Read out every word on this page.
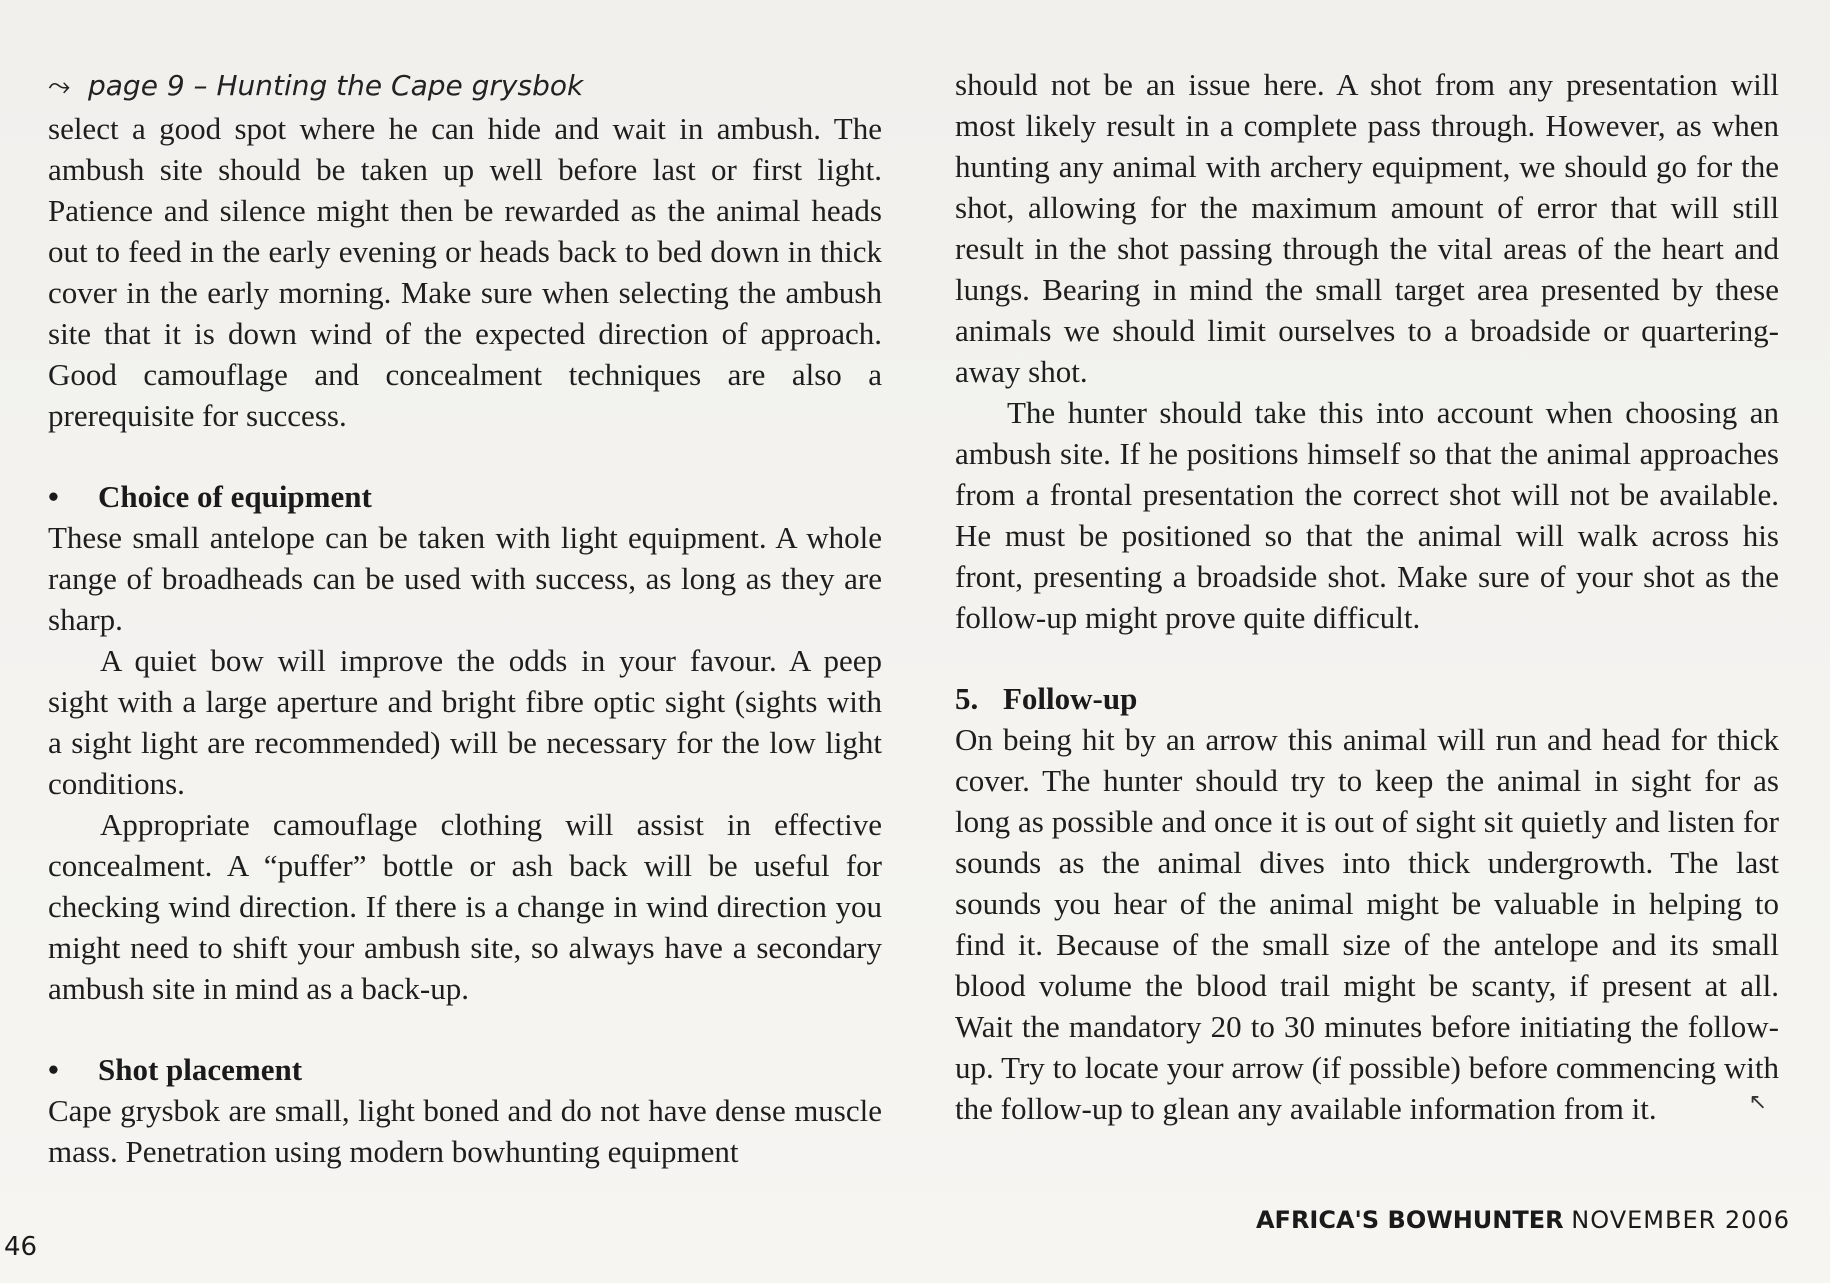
⤳ page 9 – Hunting the Cape grysbok

select a good spot where he can hide and wait in ambush. The ambush site should be taken up well before last or first light. Patience and silence might then be rewarded as the animal heads out to feed in the early evening or heads back to bed down in thick cover in the early morning. Make sure when selecting the ambush site that it is down wind of the expected direction of approach. Good camouflage and concealment techniques are also a prerequisite for success.

• Choice of equipment

These small antelope can be taken with light equipment. A whole range of broadheads can be used with success, as long as they are sharp.

A quiet bow will improve the odds in your favour. A peep sight with a large aperture and bright fibre optic sight (sights with a sight light are recommended) will be necessary for the low light conditions.

Appropriate camouflage clothing will assist in effective concealment. A “puffer” bottle or ash back will be useful for checking wind direction. If there is a change in wind direction you might need to shift your ambush site, so always have a secondary ambush site in mind as a back-up.

• Shot placement

Cape grysbok are small, light boned and do not have dense muscle mass. Penetration using modern bowhunting equipment

should not be an issue here. A shot from any presentation will most likely result in a complete pass through. However, as when hunting any animal with archery equipment, we should go for the shot, allowing for the maximum amount of error that will still result in the shot passing through the vital areas of the heart and lungs. Bearing in mind the small target area presented by these animals we should limit ourselves to a broadside or quartering-away shot.

The hunter should take this into account when choosing an ambush site. If he positions himself so that the animal approaches from a frontal presentation the correct shot will not be available. He must be positioned so that the animal will walk across his front, presenting a broadside shot. Make sure of your shot as the follow-up might prove quite difficult.

5. Follow-up

On being hit by an arrow this animal will run and head for thick cover. The hunter should try to keep the animal in sight for as long as possible and once it is out of sight sit quietly and listen for sounds as the animal dives into thick undergrowth. The last sounds you hear of the animal might be valuable in helping to find it. Because of the small size of the antelope and its small blood volume the blood trail might be scanty, if present at all. Wait the mandatory 20 to 30 minutes before initiating the follow-up. Try to locate your arrow (if possible) before commencing with the follow-up to glean any available information from it.	↖

AFRICA'S BOWHUNTER NOVEMBER 2006
46
